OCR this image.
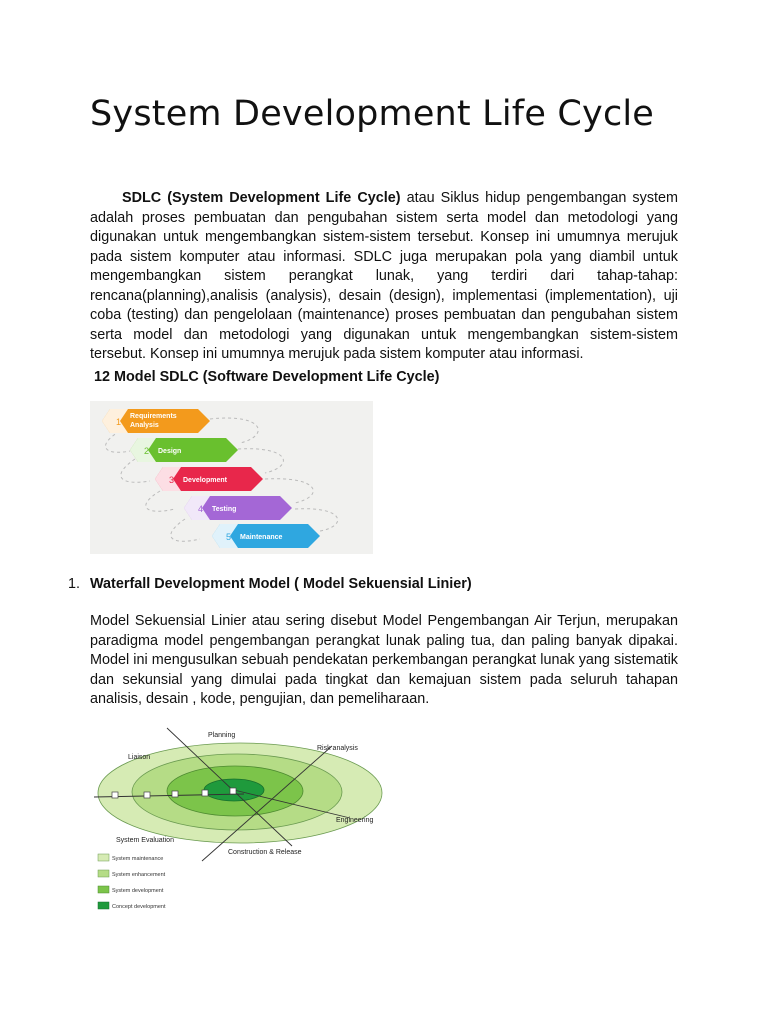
System Development Life Cycle

SDLC (System Development Life Cycle) atau Siklus hidup pengembangan system adalah proses pembuatan dan pengubahan sistem serta model dan metodologi yang digunakan untuk mengembangkan sistem-sistem tersebut. Konsep ini umumnya merujuk pada sistem komputer atau informasi. SDLC juga merupakan pola yang diambil untuk mengembangkan sistem perangkat lunak, yang terdiri dari tahap-tahap: rencana(planning),analisis (analysis), desain (design), implementasi (implementation), uji coba (testing) dan pengelolaan (maintenance) proses pembuatan dan pengubahan sistem serta model dan metodologi yang digunakan untuk mengembangkan sistem-sistem tersebut. Konsep ini umumnya merujuk pada sistem komputer atau informasi.

12 Model SDLC (Software Development Life Cycle)

1
Requirements
Analysis
2 Design
3 Development
4 Testing
5 Maintenance

1. Waterfall Development Model ( Model Sekuensial Linier)

Model Sekuensial Linier atau sering disebut Model Pengembangan Air Terjun, merupakan paradigma model pengembangan perangkat lunak paling tua, dan paling banyak dipakai. Model ini mengusulkan sebuah pendekatan perkembangan perangkat lunak yang sistematik dan sekunsial yang dimulai pada tingkat dan kemajuan sistem pada seluruh tahapan analisis, desain , kode, pengujian, dan pemeliharaan.

Planning
Risk analysis
Liaison
Engineering
System Evaluation
Construction & Release
System maintenance
System enhancement
System development
Concept development
